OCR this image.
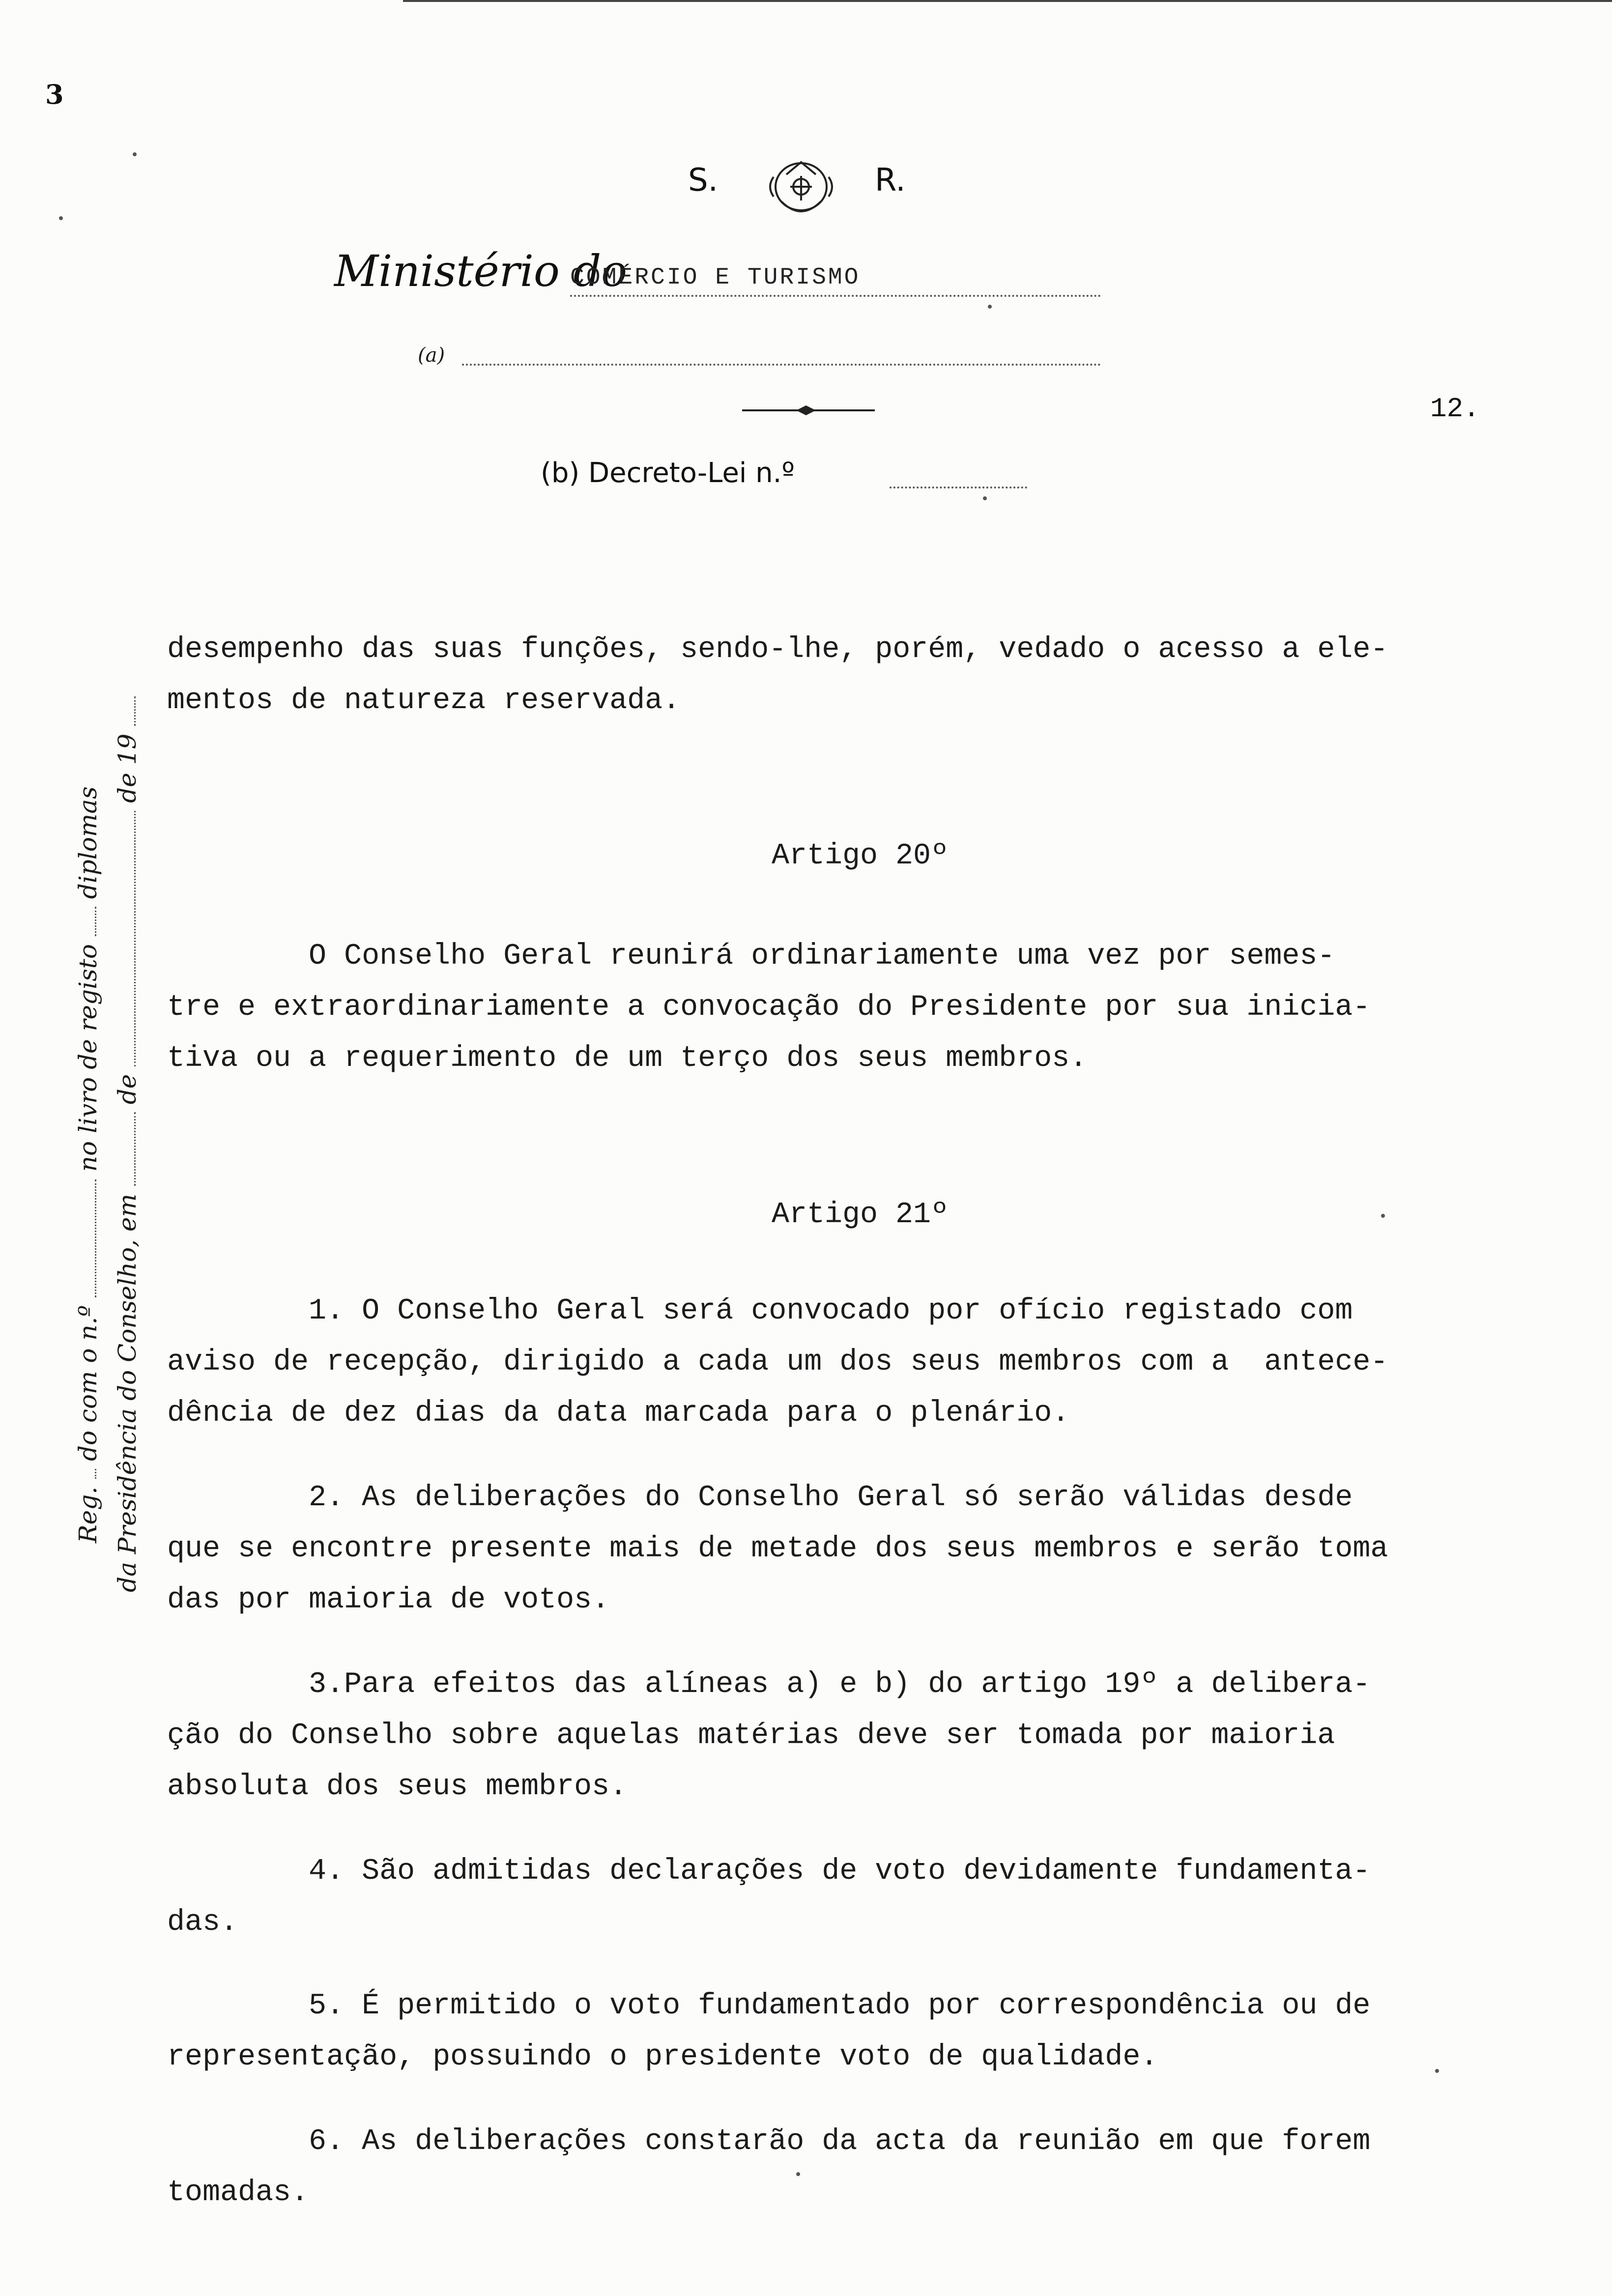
3
S.	R.
Ministério do
COMÉRCIO E TURISMO
(a)
12.
(b) Decreto-Lei n.º
Reg.  do com o n.º  no livro de registo  diplomas
da Presidência do Conselho, em  de  de 19
desempenho das suas funções, sendo-lhe, porém, vedado o acesso a ele-
mentos de natureza reservada.
Artigo 20º
O Conselho Geral reunirá ordinariamente uma vez por semes-
tre e extraordinariamente a convocação do Presidente por sua inicia-
tiva ou a requerimento de um terço dos seus membros.
Artigo 21º
1. O Conselho Geral será convocado por ofício registado com
aviso de recepção, dirigido a cada um dos seus membros com a  antece-
dência de dez dias da data marcada para o plenário.
2. As deliberações do Conselho Geral só serão válidas desde
que se encontre presente mais de metade dos seus membros e serão toma
das por maioria de votos.
3.Para efeitos das alíneas a) e b) do artigo 19º a delibera-
ção do Conselho sobre aquelas matérias deve ser tomada por maioria
absoluta dos seus membros.
4. São admitidas declarações de voto devidamente fundamenta-
das.
5. É permitido o voto fundamentado por correspondência ou de
representação, possuindo o presidente voto de qualidade.
6. As deliberações constarão da acta da reunião em que forem
tomadas.
